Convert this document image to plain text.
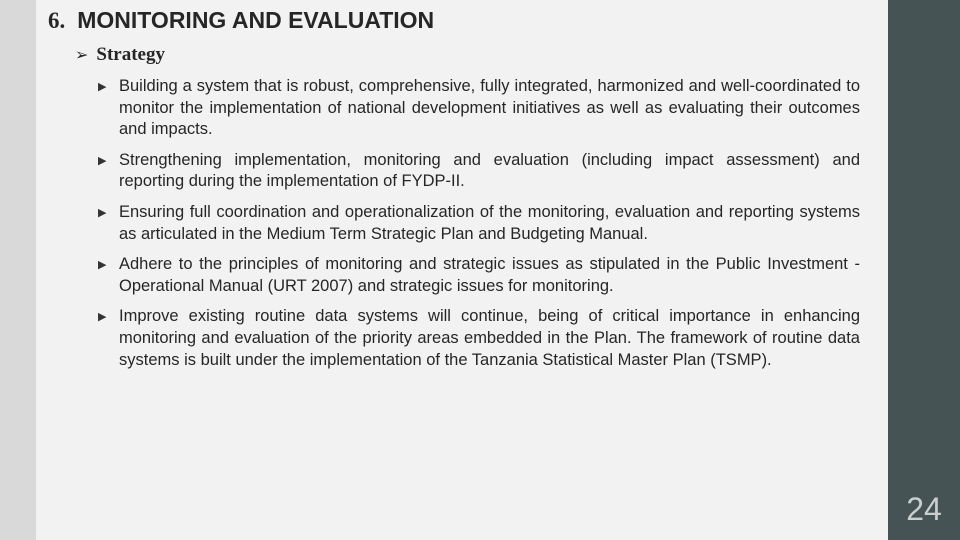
6. MONITORING AND EVALUATION
➢ Strategy
▶ Building a system that is robust, comprehensive, fully integrated, harmonized and well-coordinated to monitor the implementation of national development initiatives as well as evaluating their outcomes and impacts.
▶ Strengthening implementation, monitoring and evaluation (including impact assessment) and reporting during the implementation of FYDP-II.
▶ Ensuring full coordination and operationalization of the monitoring, evaluation and reporting systems as articulated in the Medium Term Strategic Plan and Budgeting Manual.
▶ Adhere to the principles of monitoring and strategic issues as stipulated in the Public Investment - Operational Manual (URT 2007) and strategic issues for monitoring.
▶ Improve existing routine data systems will continue, being of critical importance in enhancing monitoring and evaluation of the priority areas embedded in the Plan. The framework of routine data systems is built under the implementation of the Tanzania Statistical Master Plan (TSMP).
24
